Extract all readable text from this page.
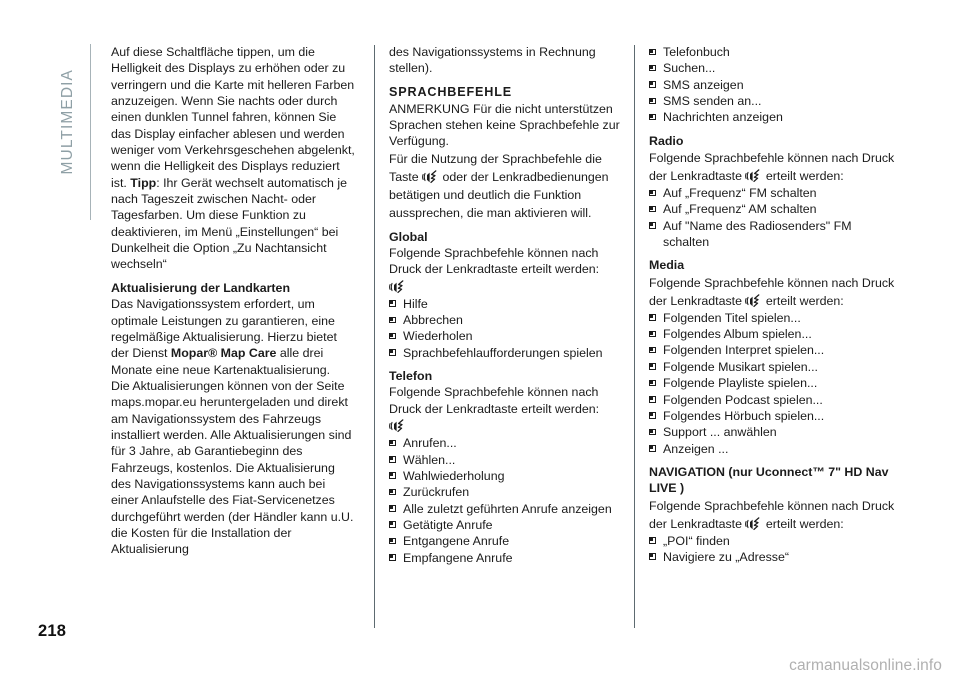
MULTIMEDIA
218

Auf diese Schaltfläche tippen, um die Helligkeit des Displays zu erhöhen oder zu verringern und die Karte mit helleren Farben anzuzeigen. Wenn Sie nachts oder durch einen dunklen Tunnel fahren, können Sie das Display einfacher ablesen und werden weniger vom Verkehrsgeschehen abgelenkt, wenn die Helligkeit des Displays reduziert ist. Tipp: Ihr Gerät wechselt automatisch je nach Tageszeit zwischen Nacht- oder Tagesfarben. Um diese Funktion zu deaktivieren, im Menü „Einstellungen“ bei Dunkelheit die Option „Zu Nachtansicht wechseln“

Aktualisierung der Landkarten

Das Navigationssystem erfordert, um optimale Leistungen zu garantieren, eine regelmäßige Aktualisierung. Hierzu bietet der Dienst Mopar® Map Care alle drei Monate eine neue Kartenaktualisierung.

Die Aktualisierungen können von der Seite maps.mopar.eu heruntergeladen und direkt am Navigationssystem des Fahrzeugs installiert werden. Alle Aktualisierungen sind für 3 Jahre, ab Garantiebeginn des Fahrzeugs, kostenlos. Die Aktualisierung des Navigationssystems kann auch bei einer Anlaufstelle des Fiat-Servicenetzes durchgeführt werden (der Händler kann u.U. die Kosten für die Installation der Aktualisierung

des Navigationssystems in Rechnung stellen).

SPRACHBEFEHLE

ANMERKUNG Für die nicht unterstützen Sprachen stehen keine Sprachbefehle zur Verfügung.

Für die Nutzung der Sprachbefehle die Taste
oder der Lenkradbedienungen betätigen und deutlich die Funktion aussprechen, die man aktivieren will.

Global

Folgende Sprachbefehle können nach Druck der Lenkradtaste erteilt werden:

Hilfe
Abbrechen
Wiederholen
Sprachbefehlaufforderungen spielen

Telefon

Folgende Sprachbefehle können nach Druck der Lenkradtaste erteilt werden:

Anrufen...
Wählen...
Wahlwiederholung
Zurückrufen
Alle zuletzt geführten Anrufe anzeigen
Getätigte Anrufe
Entgangene Anrufe
Empfangene Anrufe
Telefonbuch
Suchen...
SMS anzeigen
SMS senden an...
Nachrichten anzeigen

Radio

Folgende Sprachbefehle können nach Druck der Lenkradtaste
erteilt werden:

Auf „Frequenz“ FM schalten
Auf „Frequenz“ AM schalten
Auf "Name des Radiosenders" FM schalten

Media

Folgende Sprachbefehle können nach Druck der Lenkradtaste
erteilt werden:

Folgenden Titel spielen...
Folgendes Album spielen...
Folgenden Interpret spielen...
Folgende Musikart spielen...
Folgende Playliste spielen...
Folgenden Podcast spielen...
Folgendes Hörbuch spielen...
Support ... anwählen
Anzeigen ...

NAVIGATION (nur Uconnect™ 7" HD Nav LIVE )

Folgende Sprachbefehle können nach Druck der Lenkradtaste
erteilt werden:

„POI“ finden
Navigiere zu „Adresse“
carmanualsonline.info
